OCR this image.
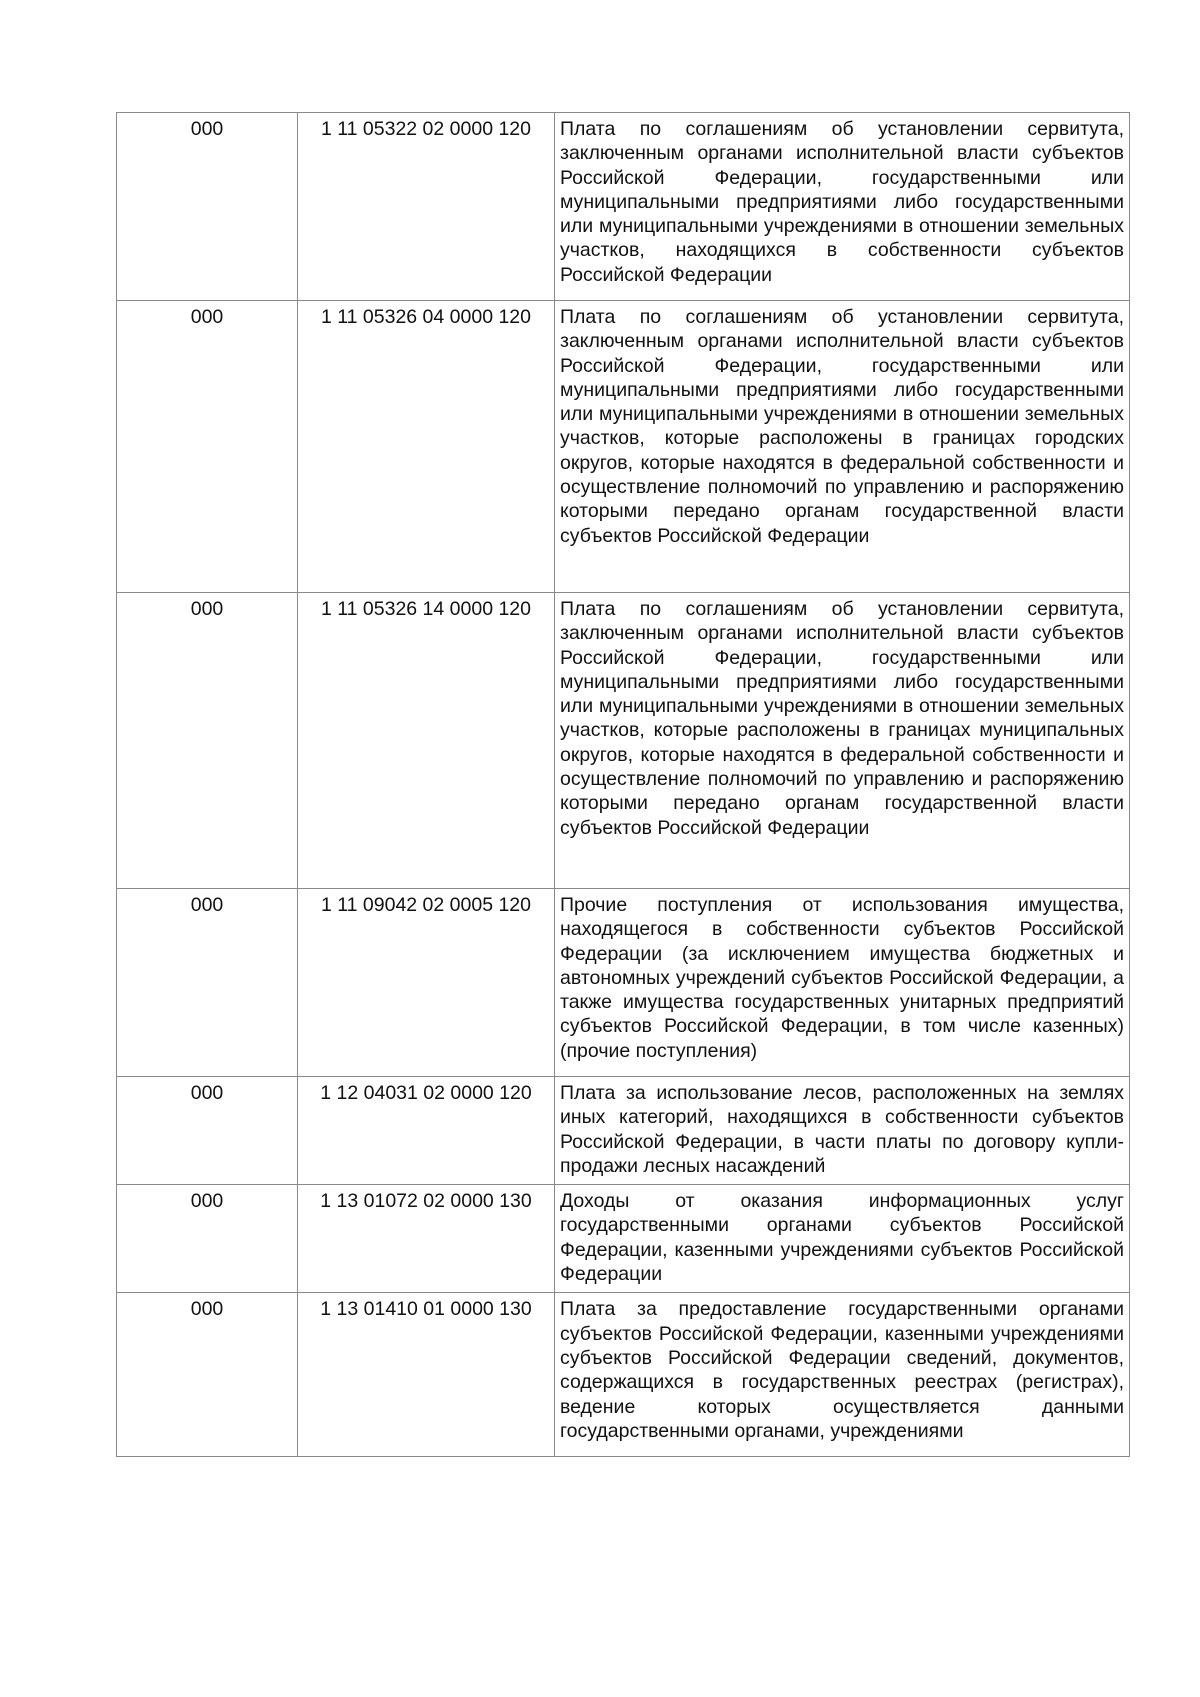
000	1 11 05322 02 0000 120	Плата по соглашениям об установлении сервитута, заключенным органами исполнительной власти субъектов Российской Федерации, государственными или муниципальными предприятиями либо государственными или муниципальными учреждениями в отношении земельных участков, находящихся в собственности субъектов Российской Федерации

000	1 11 05326 04 0000 120	Плата по соглашениям об установлении сервитута, заключенным органами исполнительной власти субъектов Российской Федерации, государственными или муниципальными предприятиями либо государственными или муниципальными учреждениями в отношении земельных участков, которые расположены в границах городских округов, которые находятся в федеральной собственности и осуществление полномочий по управлению и распоряжению которыми передано органам государственной власти субъектов Российской Федерации

000	1 11 05326 14 0000 120	Плата по соглашениям об установлении сервитута, заключенным органами исполнительной власти субъектов Российской Федерации, государственными или муниципальными предприятиями либо государственными или муниципальными учреждениями в отношении земельных участков, которые расположены в границах муниципальных округов, которые находятся в федеральной собственности и осуществление полномочий по управлению и распоряжению которыми передано органам государственной власти субъектов Российской Федерации

000	1 11 09042 02 0005 120	Прочие поступления от использования имущества, находящегося в собственности субъектов Российской Федерации (за исключением имущества бюджетных и автономных учреждений субъектов Российской Федерации, а также имущества государственных унитарных предприятий субъектов Российской Федерации, в том числе казенных) (прочие поступления)

000	1 12 04031 02 0000 120	Плата за использование лесов, расположенных на землях иных категорий, находящихся в собственности субъектов Российской Федерации, в части платы по договору купли-продажи лесных насаждений

000	1 13 01072 02 0000 130	Доходы от оказания информационных услуг государственными органами субъектов Российской Федерации, казенными учреждениями субъектов Российской Федерации

000	1 13 01410 01 0000 130	Плата за предоставление государственными органами субъектов Российской Федерации, казенными учреждениями субъектов Российской Федерации сведений, документов, содержащихся в государственных реестрах (регистрах), ведение которых осуществляется данными государственными органами, учреждениями
